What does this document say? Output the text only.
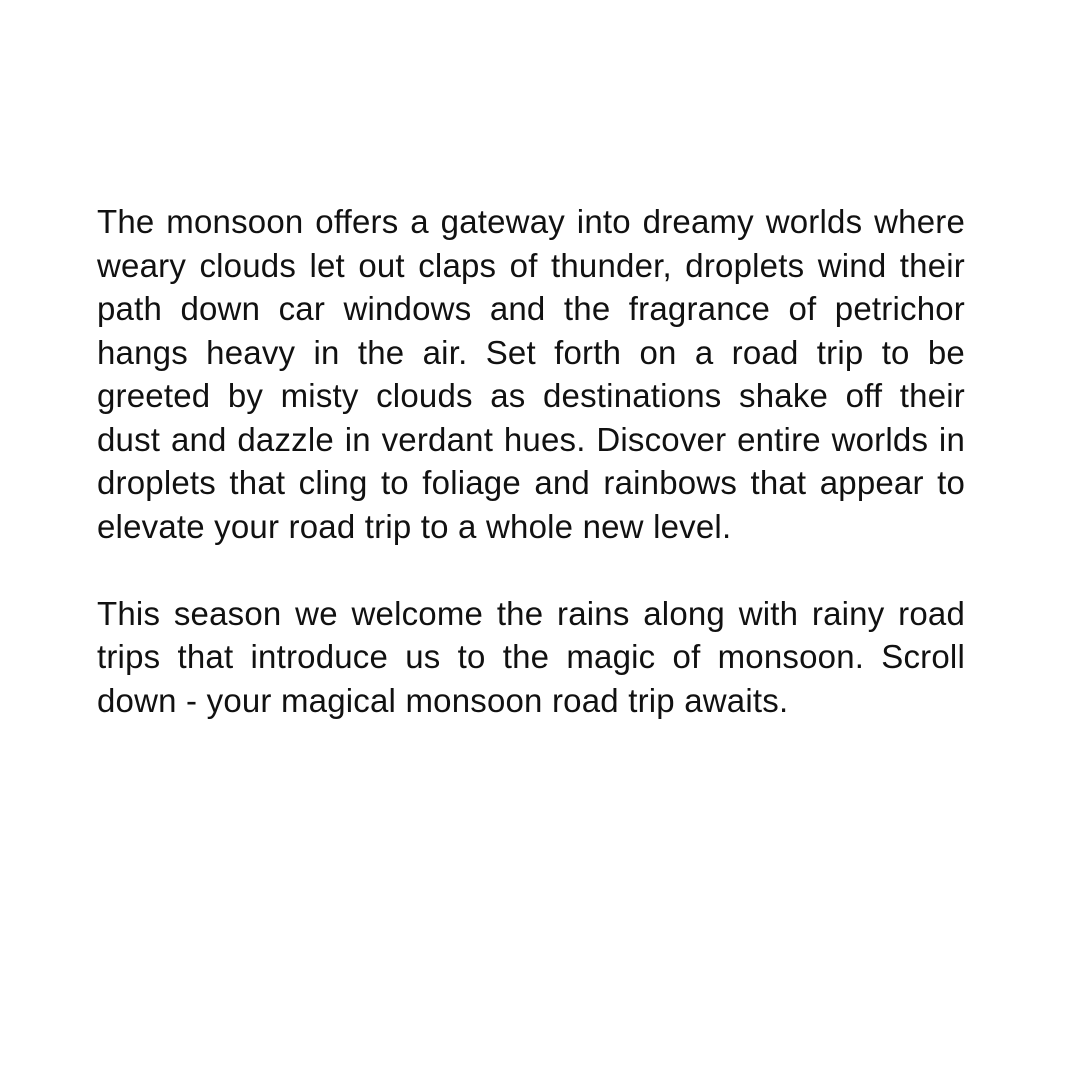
The monsoon offers a gateway into dreamy worlds where weary clouds let out claps of thunder, droplets wind their path down car windows and the fragrance of petrichor hangs heavy in the air. Set forth on a road trip to be greeted by misty clouds as destinations shake off their dust and dazzle in verdant hues. Discover entire worlds in droplets that cling to foliage and rainbows that appear to elevate your road trip to a whole new level.

This season we welcome the rains along with rainy road trips that introduce us to the magic of monsoon. Scroll down - your magical monsoon road trip awaits.
